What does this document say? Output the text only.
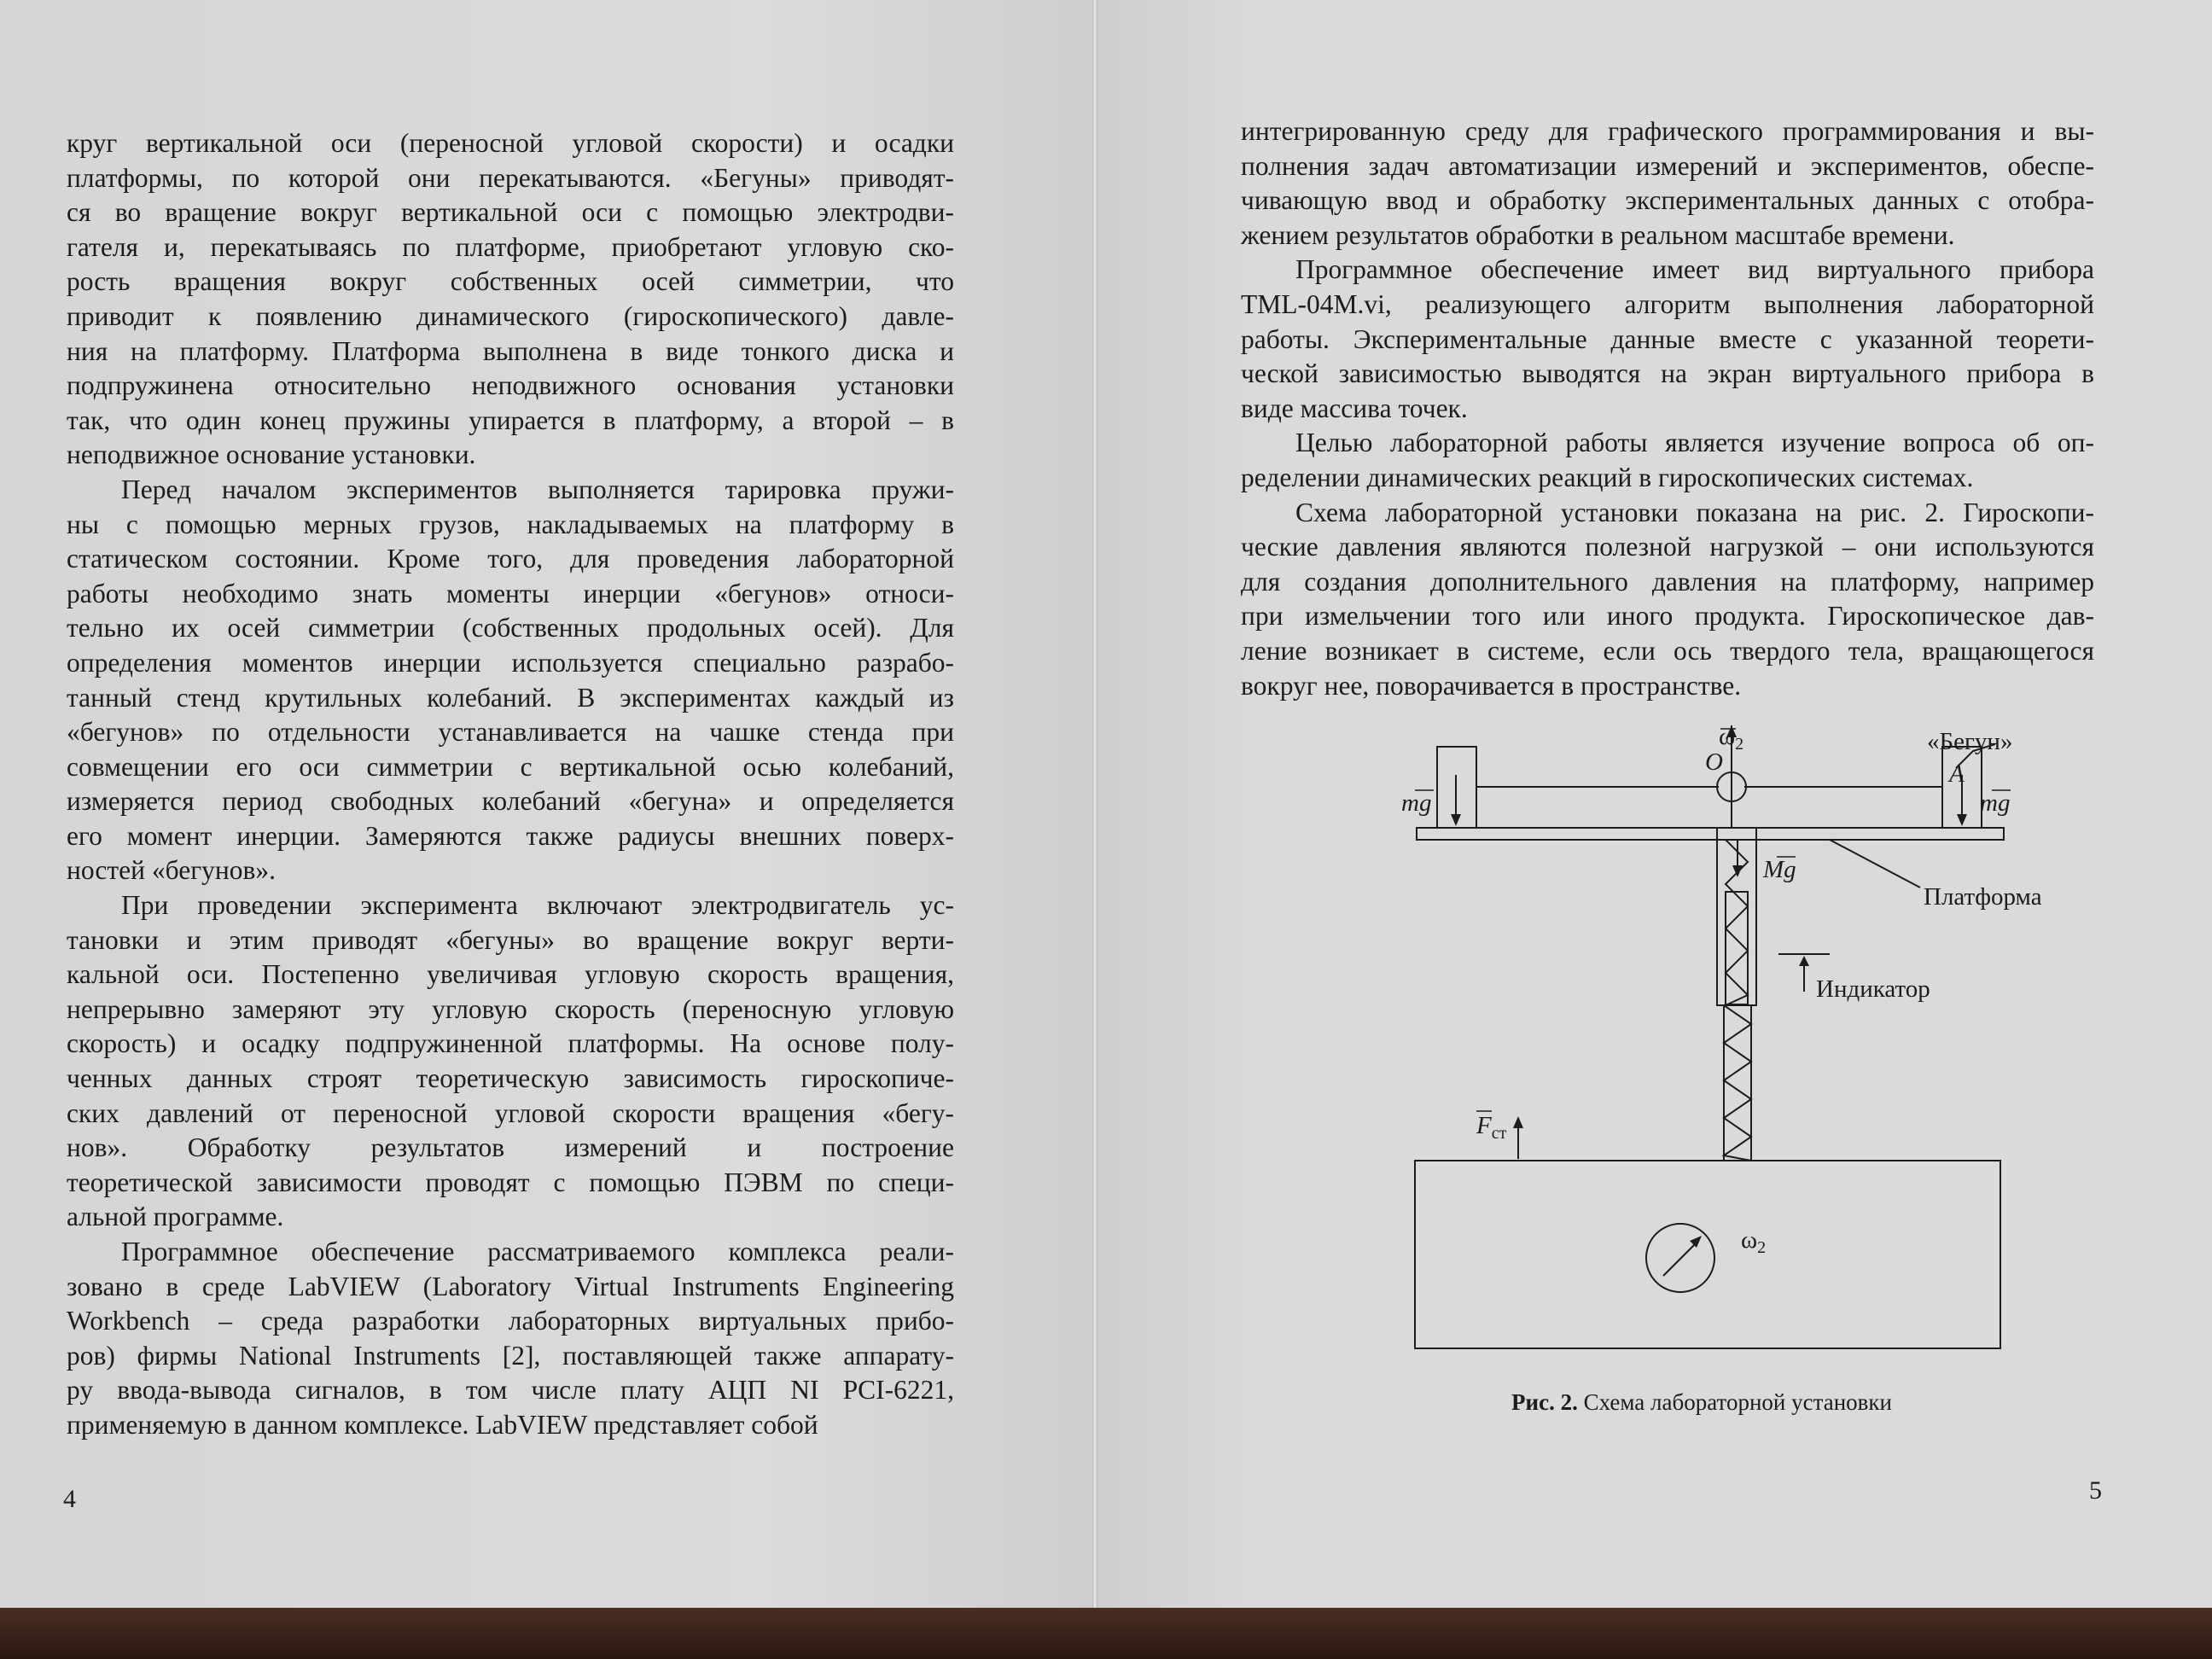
круг вертикальной оси (переносной угловой скорости) и осадки
платформы, по которой они перекатываются. «Бегуны» приводят-
ся во вращение вокруг вертикальной оси с помощью электродви-
гателя и, перекатываясь по платформе, приобретают угловую ско-
рость вращения вокруг собственных осей симметрии, что
приводит к появлению динамического (гироскопического) давле-
ния на платформу. Платформа выполнена в виде тонкого диска и
подпружинена относительно неподвижного основания установки
так, что один конец пружины упирается в платформу, а второй – в
неподвижное основание установки.

Перед началом экспериментов выполняется тарировка пружи-
ны с помощью мерных грузов, накладываемых на платформу в
статическом состоянии. Кроме того, для проведения лабораторной
работы необходимо знать моменты инерции «бегунов» относи-
тельно их осей симметрии (собственных продольных осей). Для
определения моментов инерции используется специально разрабо-
танный стенд крутильных колебаний. В экспериментах каждый из
«бегунов» по отдельности устанавливается на чашке стенда при
совмещении его оси симметрии с вертикальной осью колебаний,
измеряется период свободных колебаний «бегуна» и определяется
его момент инерции. Замеряются также радиусы внешних поверх-
ностей «бегунов».

При проведении эксперимента включают электродвигатель ус-
тановки и этим приводят «бегуны» во вращение вокруг верти-
кальной оси. Постепенно увеличивая угловую скорость вращения,
непрерывно замеряют эту угловую скорость (переносную угловую
скорость) и осадку подпружиненной платформы. На основе полу-
ченных данных строят теоретическую зависимость гироскопиче-
ских давлений от переносной угловой скорости вращения «бегу-
нов». Обработку результатов измерений и построение
теоретической зависимости проводят с помощью ПЭВМ по специ-
альной программе.

Программное обеспечение рассматриваемого комплекса реали-
зовано в среде LabVIEW (Laboratory Virtual Instruments Engineering
Workbench – среда разработки лабораторных виртуальных прибо-
ров) фирмы National Instruments [2], поставляющей также аппарату-
ру ввода-вывода сигналов, в том числе плату АЦП NI PCI-6221,
применяемую в данном комплексе. LabVIEW представляет собой

4

интегрированную среду для графического программирования и вы-
полнения задач автоматизации измерений и экспериментов, обеспе-
чивающую ввод и обработку экспериментальных данных с отобра-
жением результатов обработки в реальном масштабе времени.

Программное обеспечение имеет вид виртуального прибора
TML-04M.vi, реализующего алгоритм выполнения лабораторной
работы. Экспериментальные данные вместе с указанной теорети-
ческой зависимостью выводятся на экран виртуального прибора в
виде массива точек.

Целью лабораторной работы является изучение вопроса об оп-
ределении динамических реакций в гироскопических системах.

Схема лабораторной установки показана на рис. 2. Гироскопи-
ческие давления являются полезной нагрузкой – они используются
для создания дополнительного давления на платформу, например
при измельчении того или иного продукта. Гироскопическое дав-
ление возникает в системе, если ось твердого тела, вращающегося
вокруг нее, поворачивается в пространстве.

$\omega_2$
O	A
mg	mg
Mg
«Бегун»
Платформа
Индикатор
$F_{ст}$
$\omega_2$
Рис. 2. Схема лабораторной установки
5
